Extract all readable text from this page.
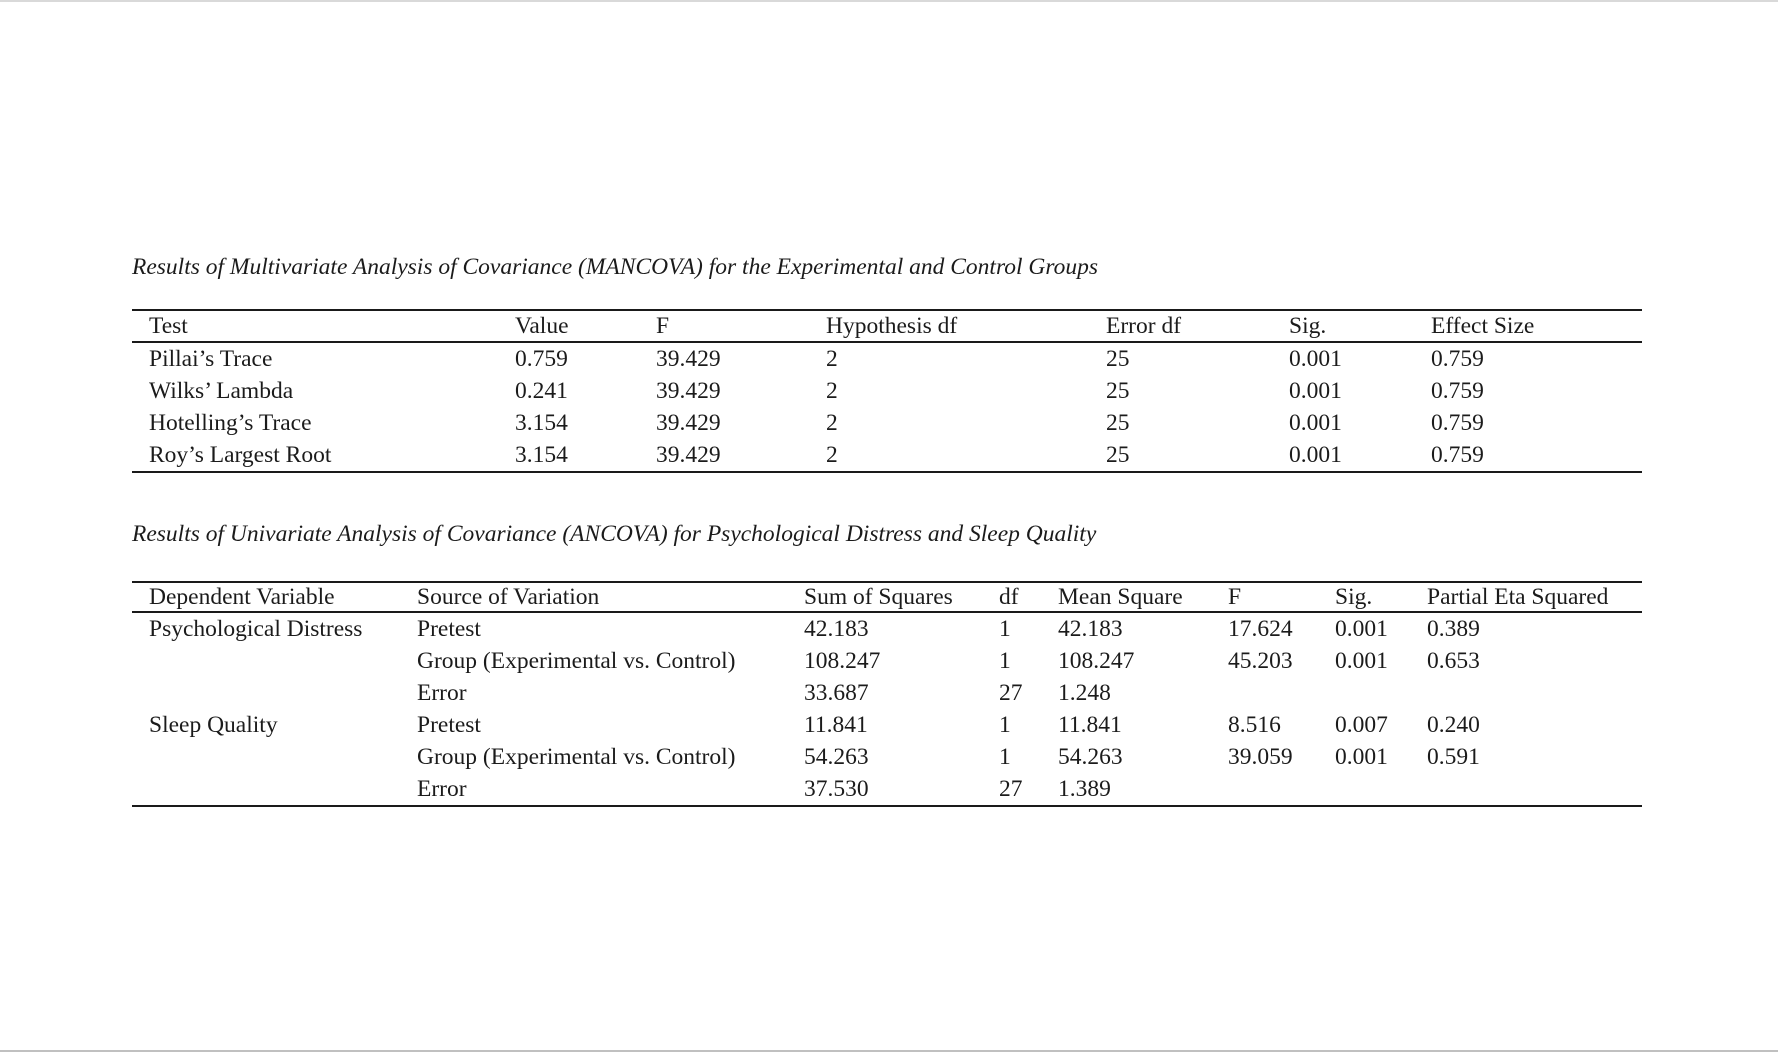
Results of Multivariate Analysis of Covariance (MANCOVA) for the Experimental and Control Groups
Test	Value	F	Hypothesis df	Error df	Sig.	Effect Size
Pillai’s Trace	0.759	39.429	2	25	0.001	0.759
Wilks’ Lambda	0.241	39.429	2	25	0.001	0.759
Hotelling’s Trace	3.154	39.429	2	25	0.001	0.759
Roy’s Largest Root	3.154	39.429	2	25	0.001	0.759
Results of Univariate Analysis of Covariance (ANCOVA) for Psychological Distress and Sleep Quality
Dependent Variable	Source of Variation	Sum of Squares	df	Mean Square	F	Sig.	Partial Eta Squared
Psychological Distress	Pretest	42.183	1	42.183	17.624	0.001	0.389
	Group (Experimental vs. Control)	108.247	1	108.247	45.203	0.001	0.653
	Error	33.687	27	1.248			
Sleep Quality	Pretest	11.841	1	11.841	8.516	0.007	0.240
	Group (Experimental vs. Control)	54.263	1	54.263	39.059	0.001	0.591
	Error	37.530	27	1.389			
